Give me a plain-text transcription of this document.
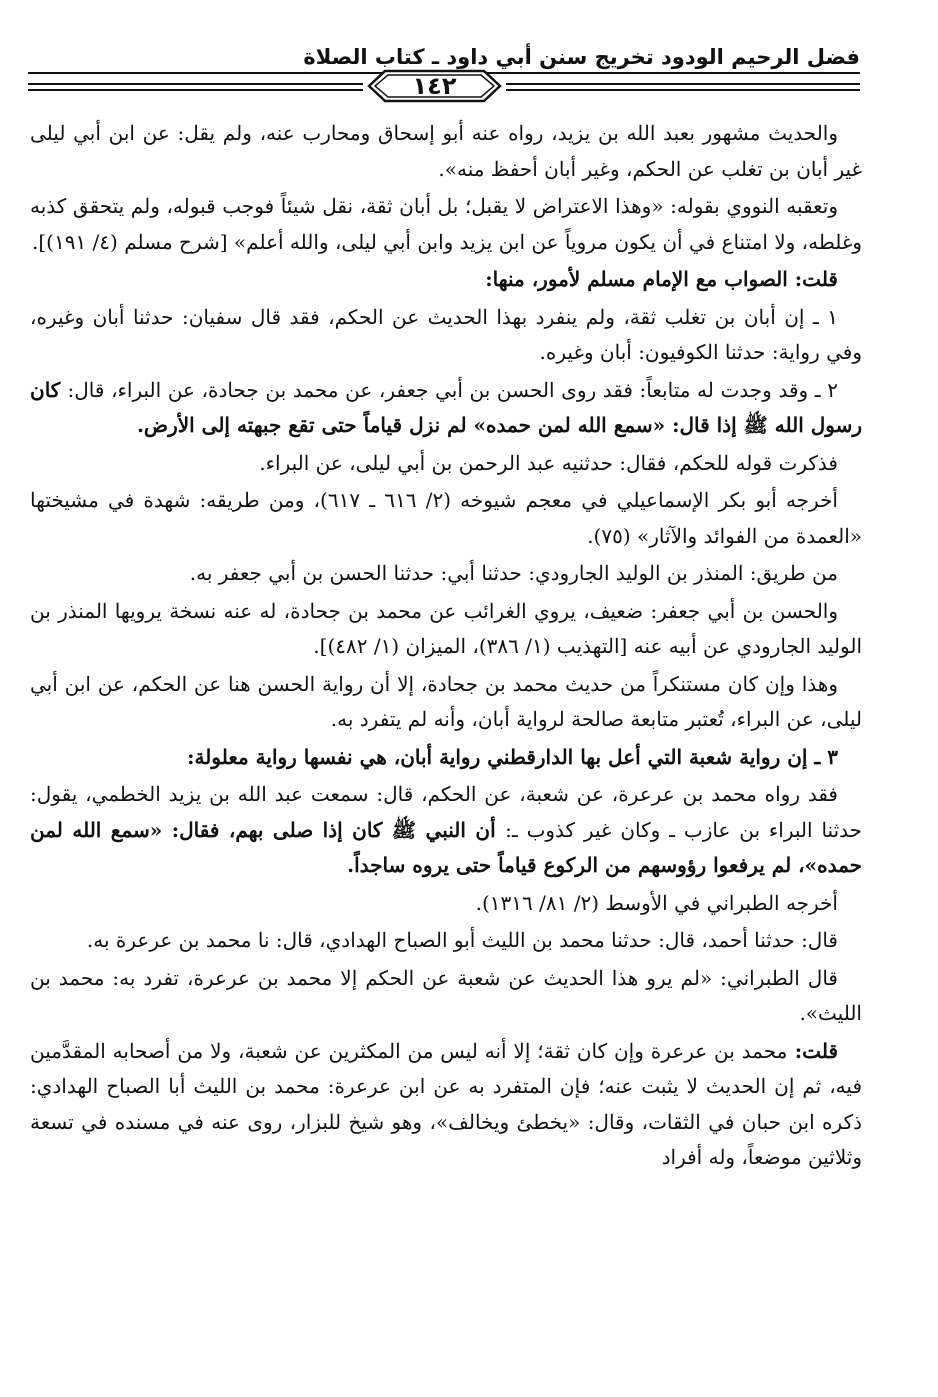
فضل الرحيم الودود تخريج سنن أبي داود ـ كتاب الصلاة
١٤٢

والحديث مشهور بعبد الله بن يزيد، رواه عنه أبو إسحاق ومحارب عنه، ولم يقل: عن ابن أبي ليلى غير أبان بن تغلب عن الحكم، وغير أبان أحفظ منه».

وتعقبه النووي بقوله: «وهذا الاعتراض لا يقبل؛ بل أبان ثقة، نقل شيئاً فوجب قبوله، ولم يتحقق كذبه وغلطه، ولا امتناع في أن يكون مروياً عن ابن يزيد وابن أبي ليلى، والله أعلم» [شرح مسلم (٤/ ١٩١)].

قلت: الصواب مع الإمام مسلم لأمور، منها:

١ ـ إن أبان بن تغلب ثقة، ولم ينفرد بهذا الحديث عن الحكم، فقد قال سفيان: حدثنا أبان وغيره، وفي رواية: حدثنا الكوفيون: أبان وغيره.

٢ ـ وقد وجدت له متابعاً: فقد روى الحسن بن أبي جعفر، عن محمد بن جحادة، عن البراء، قال: كان رسول الله ﷺ إذا قال: «سمع الله لمن حمده» لم نزل قياماً حتى تقع جبهته إلى الأرض.

فذكرت قوله للحكم، فقال: حدثنيه عبد الرحمن بن أبي ليلى، عن البراء.

أخرجه أبو بكر الإسماعيلي في معجم شيوخه (٢/ ٦١٦ ـ ٦١٧)، ومن طريقه: شهدة في مشيختها «العمدة من الفوائد والآثار» (٧٥).

من طريق: المنذر بن الوليد الجارودي: حدثنا أبي: حدثنا الحسن بن أبي جعفر به.

والحسن بن أبي جعفر: ضعيف، يروي الغرائب عن محمد بن جحادة، له عنه نسخة يرويها المنذر بن الوليد الجارودي عن أبيه عنه [التهذيب (١/ ٣٨٦)، الميزان (١/ ٤٨٢)].

وهذا وإن كان مستنكراً من حديث محمد بن جحادة، إلا أن رواية الحسن هنا عن الحكم، عن ابن أبي ليلى، عن البراء، تُعتبر متابعة صالحة لرواية أبان، وأنه لم يتفرد به.

٣ ـ إن رواية شعبة التي أعل بها الدارقطني رواية أبان، هي نفسها رواية معلولة:

فقد رواه محمد بن عرعرة، عن شعبة، عن الحكم، قال: سمعت عبد الله بن يزيد الخطمي، يقول: حدثنا البراء بن عازب ـ وكان غير كذوب ـ: أن النبي ﷺ كان إذا صلى بهم، فقال: «سمع الله لمن حمده»، لم يرفعوا رؤوسهم من الركوع قياماً حتى يروه ساجداً.

أخرجه الطبراني في الأوسط (٢/ ٨١/ ١٣١٦).

قال: حدثنا أحمد، قال: حدثنا محمد بن الليث أبو الصباح الهدادي، قال: نا محمد بن عرعرة به.

قال الطبراني: «لم يرو هذا الحديث عن شعبة عن الحكم إلا محمد بن عرعرة، تفرد به: محمد بن الليث».

قلت: محمد بن عرعرة وإن كان ثقة؛ إلا أنه ليس من المكثرين عن شعبة، ولا من أصحابه المقدَّمين فيه، ثم إن الحديث لا يثبت عنه؛ فإن المتفرد به عن ابن عرعرة: محمد بن الليث أبا الصباح الهدادي: ذكره ابن حبان في الثقات، وقال: «يخطئ ويخالف»، وهو شيخ للبزار، روى عنه في مسنده في تسعة وثلاثين موضعاً، وله أفراد
